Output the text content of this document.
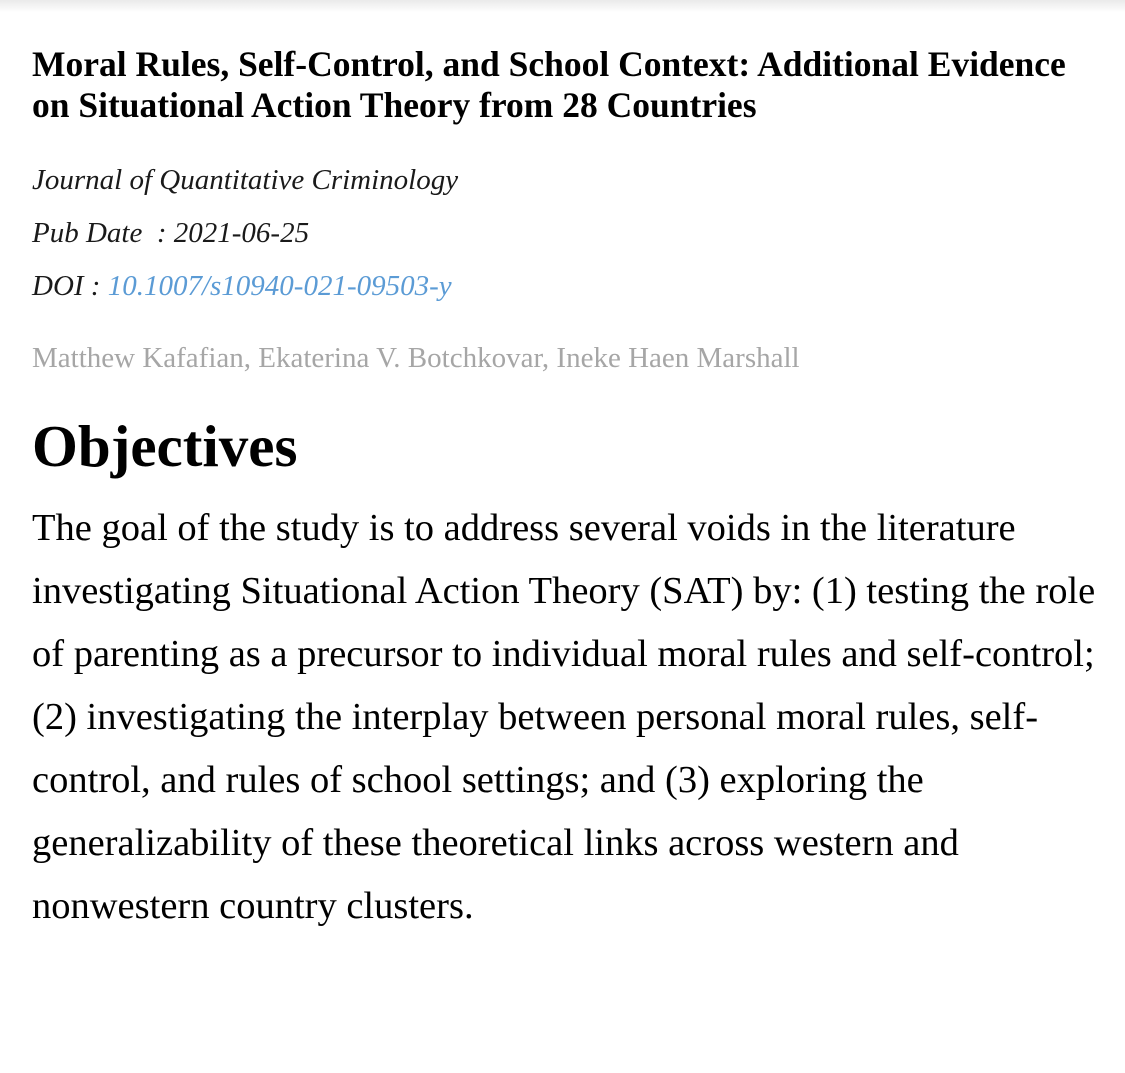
Moral Rules, Self-Control, and School Context: Additional Evidence on Situational Action Theory from 28 Countries
Journal of Quantitative Criminology
Pub Date  : 2021-06-25
DOI : 10.1007/s10940-021-09503-y
Matthew Kafafian, Ekaterina V. Botchkovar, Ineke Haen Marshall
Objectives

The goal of the study is to address several voids in the literature investigating Situational Action Theory (SAT) by: (1) testing the role of parenting as a precursor to individual moral rules and self-control; (2) investigating the interplay between personal moral rules, self-control, and rules of school settings; and (3) exploring the generalizability of these theoretical links across western and nonwestern country clusters.
